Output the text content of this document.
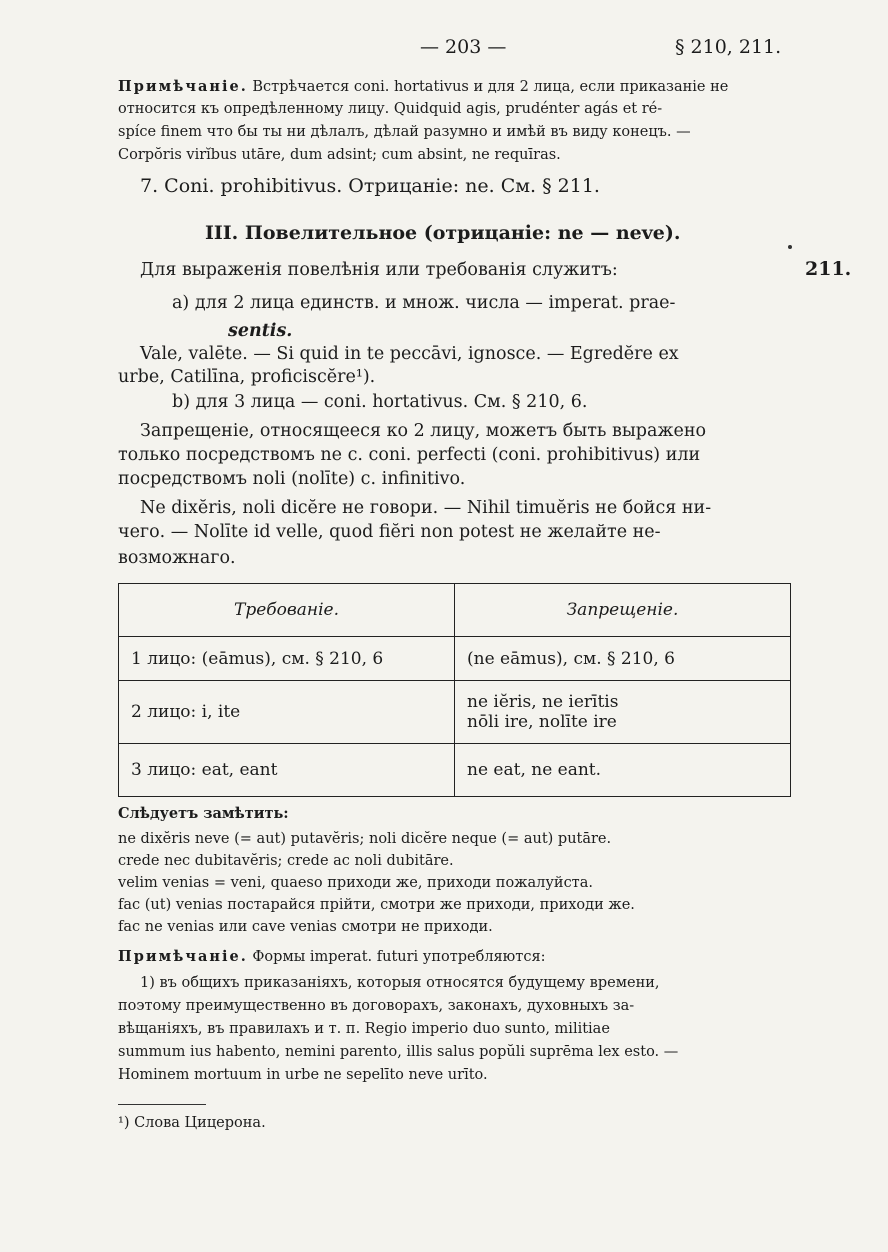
— 203 —	§ 210, 211.
Примѣчаніе. Встрѣчается coni. hortativus и для 2 лица, если приказаніе не
относится къ опредѣленному лицу. Quidquid agis, prudénter agás et ré-
spíce finem что бы ты ни дѣлалъ, дѣлай разумно и имѣй въ виду конецъ. —
Corpŏris virĭbus utāre, dum adsint; cum absint, ne requīras.
7. Coni. prohibitivus. Отрицаніе: ne. См. § 211.
III. Повелительное (отрицаніе: ne — neve).
Для выраженія повелѣнія или требованія служитъ:	211.
a) для 2 лица единств. и множ. числа — imperat. prae-
sentis.
Vale, valēte. — Si quid in te peccāvi, ignosce. — Egredĕre ex
urbe, Catilīna, proficiscĕre¹).
b) для 3 лица — coni. hortativus. См. § 210, 6.
Запрещеніе, относящееся ко 2 лицу, можетъ быть выражено
только посредствомъ ne c. coni. perfecti (coni. prohibitivus) или
посредствомъ noli (nolīte) c. infinitivo.
Ne dixĕris, noli dicĕre не говори. — Nihil timuĕris не бойся ни-
чего. — Nolīte id velle, quod fiĕri non potest не желайте не-
возможнаго.
Требованіе.	Запрещеніе.
1 лицо: (eāmus), см. § 210, 6	(ne eāmus), см. § 210, 6
2 лицо: i, ite	ne iĕris, ne ierītis
nōli ire, nolīte ire

3 лицо: eat, eant	ne eat, ne eant.
Слѣдуетъ замѣтить:
ne dixĕris neve (= aut) putavĕris; noli dicĕre neque (= aut) putāre.
crede nec dubitavĕris; crede ac noli dubitāre.
velim venias = veni, quaeso приходи же, приходи пожалуйста.
fac (ut) venias постарайся прійти, смотри же приходи, приходи же.
fac ne venias или cave venias смотри не приходи.
Примѣчаніе. Формы imperat. futuri употребляются:
1) въ общихъ приказаніяхъ, которыя относятся будущему времени,
поэтому преимущественно въ договорахъ, законахъ, духовныхъ за-
вѣщаніяхъ, въ правилахъ и т. п. Regio imperio duo sunto, militiae
summum ius habento, nemini parento, illis salus popŭli suprēma lex esto. —
Hominem mortuum in urbe ne sepelīto neve urīto.
¹) Слова Цицерона.
